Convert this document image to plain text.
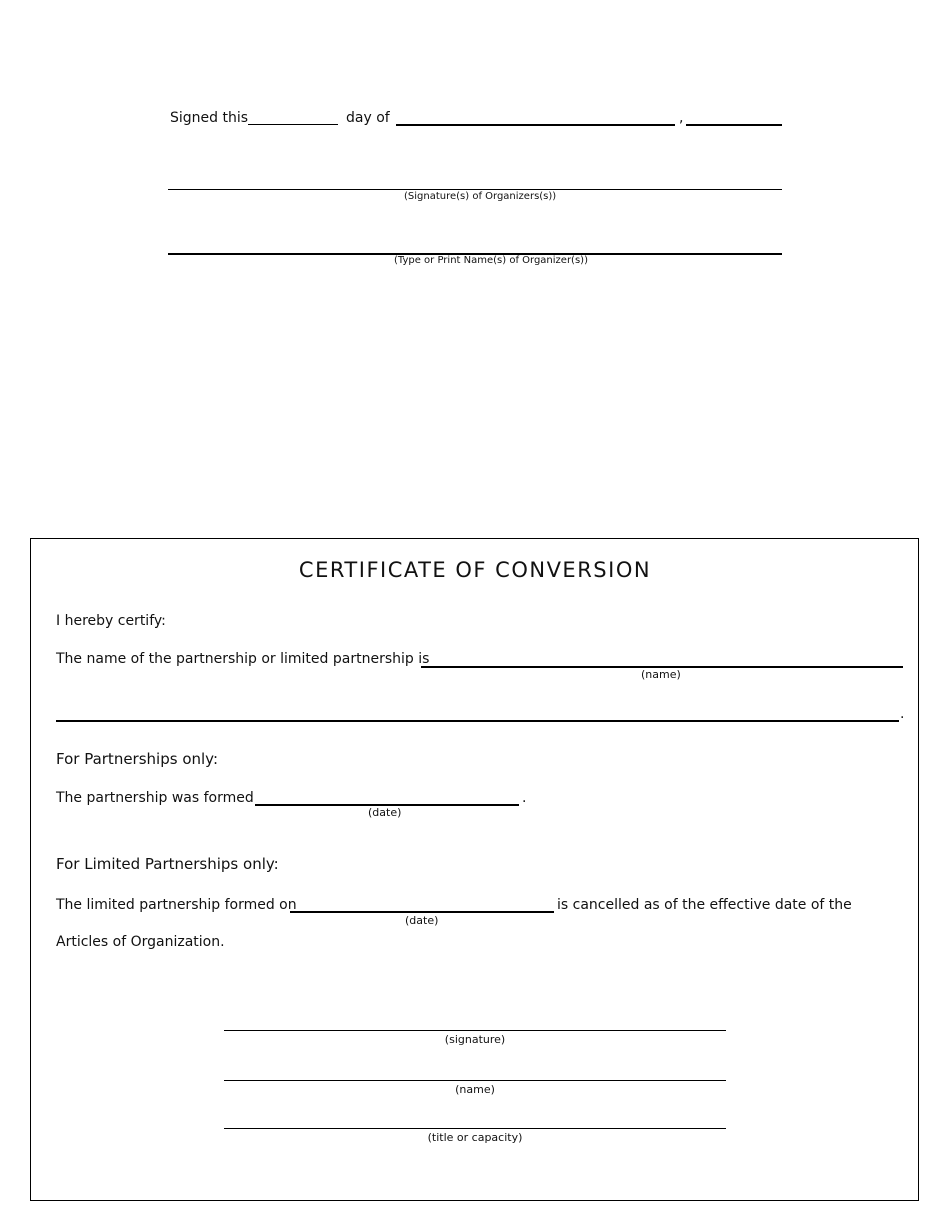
Signed this	day of	,
(Signature(s) of Organizers(s))
(Type or Print Name(s) of Organizer(s))
CERTIFICATE OF CONVERSION
I hereby certify:
The name of the partnership or limited partnership is
(name)
.
For Partnerships only:
The partnership was formed	.
(date)
For Limited Partnerships only:
The limited partnership formed on	is cancelled as of the effective date of the
(date)
Articles of Organization.
(signature)
(name)
(title or capacity)
